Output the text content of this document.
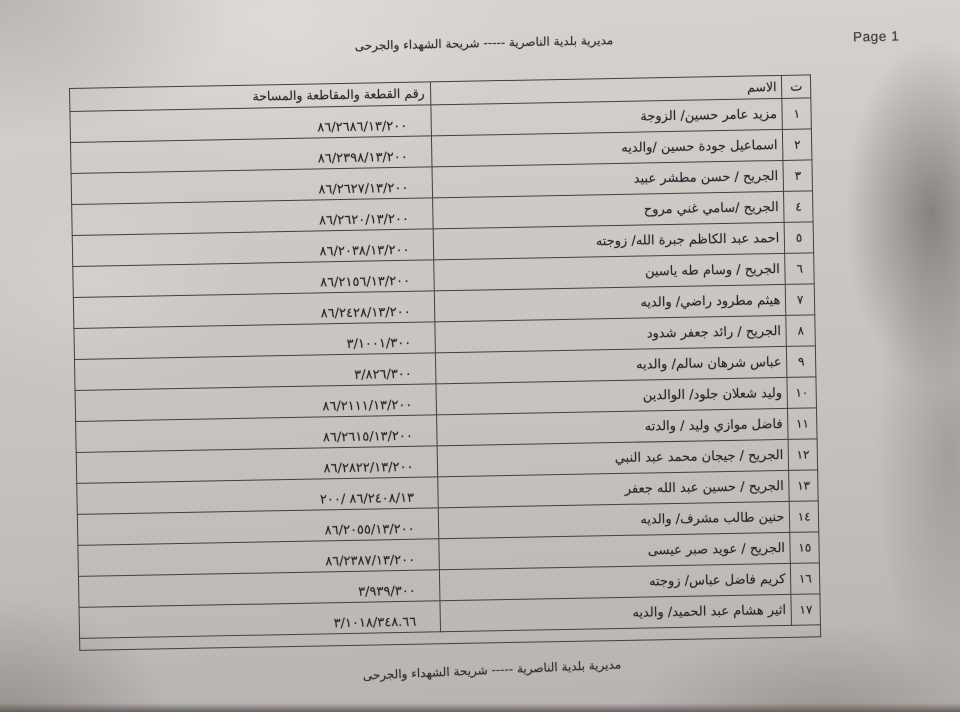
Page 1
مديرية بلدية الناصرية ----- شريحة الشهداء والجرحى
ت	الاسم	رقم القطعة والمقاطعة والمساحة
١	مزيد عامر حسين/ الزوجة	٨٦/٢٦٨٦/١٣/٢٠٠
٢	اسماعيل جودة حسين /والديه	٨٦/٢٣٩٨/١٣/٢٠٠
٣	الجريح / حسن مطشر عبيد	٨٦/٢٦٢٧/١٣/٢٠٠
٤	الجريح /سامي غني مروح	٨٦/٢٦٢٠/١٣/٢٠٠
٥	احمد عبد الكاظم جبرة الله/ زوجته	٨٦/٢٠٣٨/١٣/٢٠٠
٦	الجريح / وسام طه ياسين	٨٦/٢١٥٦/١٣/٢٠٠
٧	هيثم مطرود راضي/ والديه	٨٦/٢٤٢٨/١٣/٢٠٠
٨	الجريح / رائد جعفر شدود	٣/١٠٠١/٣٠٠
٩	عباس شرهان سالم/ والديه	٣/٨٢٦/٣٠٠
١٠	وليد شعلان جلود/ الوالدين	٨٦/٢١١١/١٣/٢٠٠
١١	فاضل موازي وليد / والدته	٨٦/٢٦١٥/١٣/٢٠٠
١٢	الجريح / جيجان محمد عبد النبي	٨٦/٢٨٢٢/١٣/٢٠٠
١٣	الجريح / حسين عبد الله جعفر	٢٠٠/ ٨٦/٢٤٠٨/١٣
١٤	حنين طالب مشرف/ والديه	٨٦/٢٠٥٥/١٣/٢٠٠
١٥	الجريح / عويد صبر عيسى	٨٦/٢٣٨٧/١٣/٢٠٠
١٦	كريم فاضل عباس/ زوجته	٣/٩٣٩/٣٠٠
١٧	اثير هشام عبد الحميد/ والديه	٣/١٠١٨/٣٤٨.٦٦

مديرية بلدية الناصرية ----- شريحة الشهداء والجرحى
